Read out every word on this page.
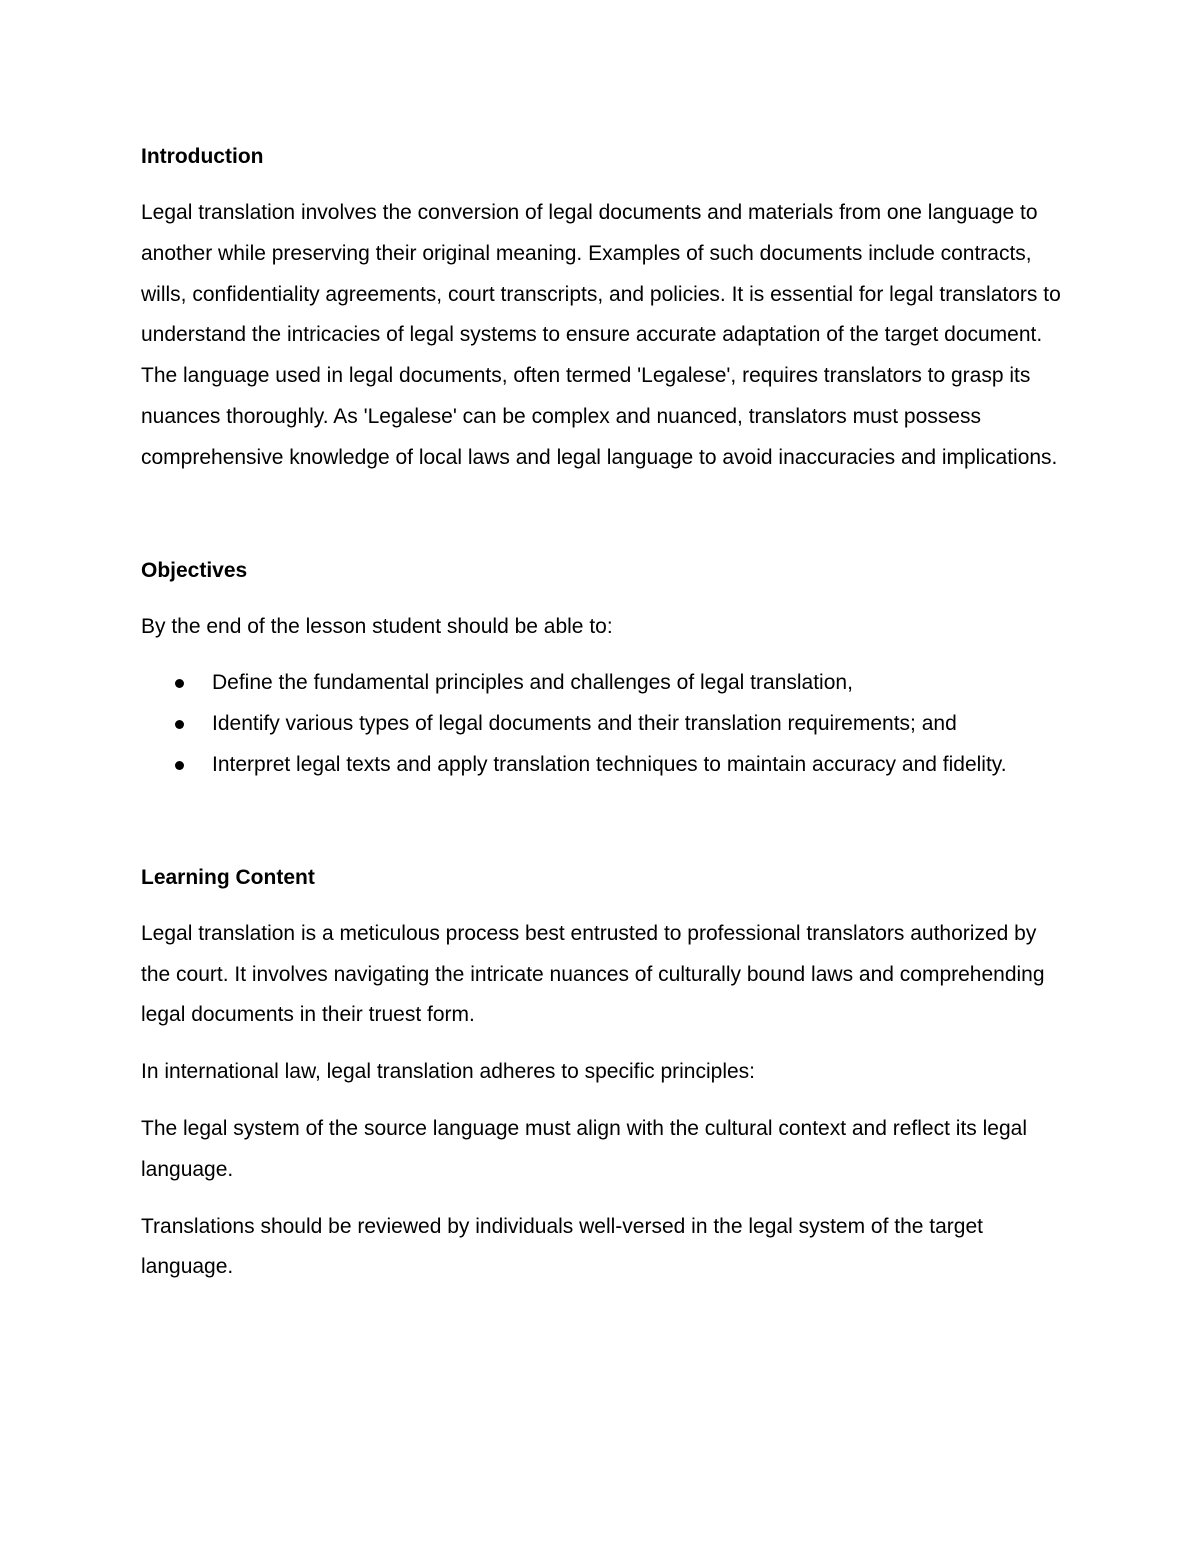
Introduction

Legal translation involves the conversion of legal documents and materials from one language to another while preserving their original meaning. Examples of such documents include contracts, wills, confidentiality agreements, court transcripts, and policies. It is essential for legal translators to understand the intricacies of legal systems to ensure accurate adaptation of the target document. The language used in legal documents, often termed 'Legalese', requires translators to grasp its nuances thoroughly. As 'Legalese' can be complex and nuanced, translators must possess comprehensive knowledge of local laws and legal language to avoid inaccuracies and implications.

Objectives

By the end of the lesson student should be able to:

Define the fundamental principles and challenges of legal translation,
Identify various types of legal documents and their translation requirements; and
Interpret legal texts and apply translation techniques to maintain accuracy and fidelity.
Learning Content

Legal translation is a meticulous process best entrusted to professional translators authorized by the court. It involves navigating the intricate nuances of culturally bound laws and comprehending legal documents in their truest form.

In international law, legal translation adheres to specific principles:

The legal system of the source language must align with the cultural context and reflect its legal language.

Translations should be reviewed by individuals well-versed in the legal system of the target language.
